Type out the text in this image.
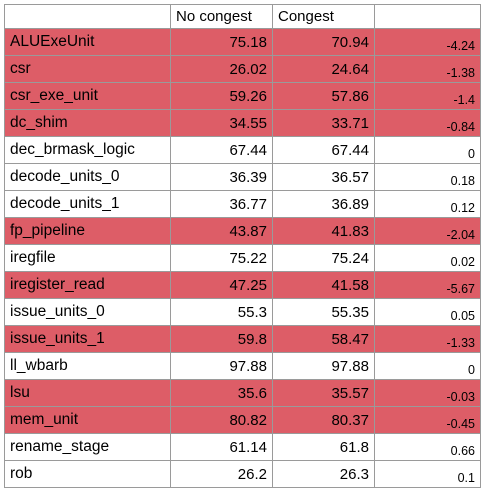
	No congest	Congest	
ALUExeUnit	75.18	70.94	-4.24
csr	26.02	24.64	-1.38
csr_exe_unit	59.26	57.86	-1.4
dc_shim	34.55	33.71	-0.84
dec_brmask_logic	67.44	67.44	0
decode_units_0	36.39	36.57	0.18
decode_units_1	36.77	36.89	0.12
fp_pipeline	43.87	41.83	-2.04
iregfile	75.22	75.24	0.02
iregister_read	47.25	41.58	-5.67
issue_units_0	55.3	55.35	0.05
issue_units_1	59.8	58.47	-1.33
ll_wbarb	97.88	97.88	0
lsu	35.6	35.57	-0.03
mem_unit	80.82	80.37	-0.45
rename_stage	61.14	61.8	0.66
rob	26.2	26.3	0.1
